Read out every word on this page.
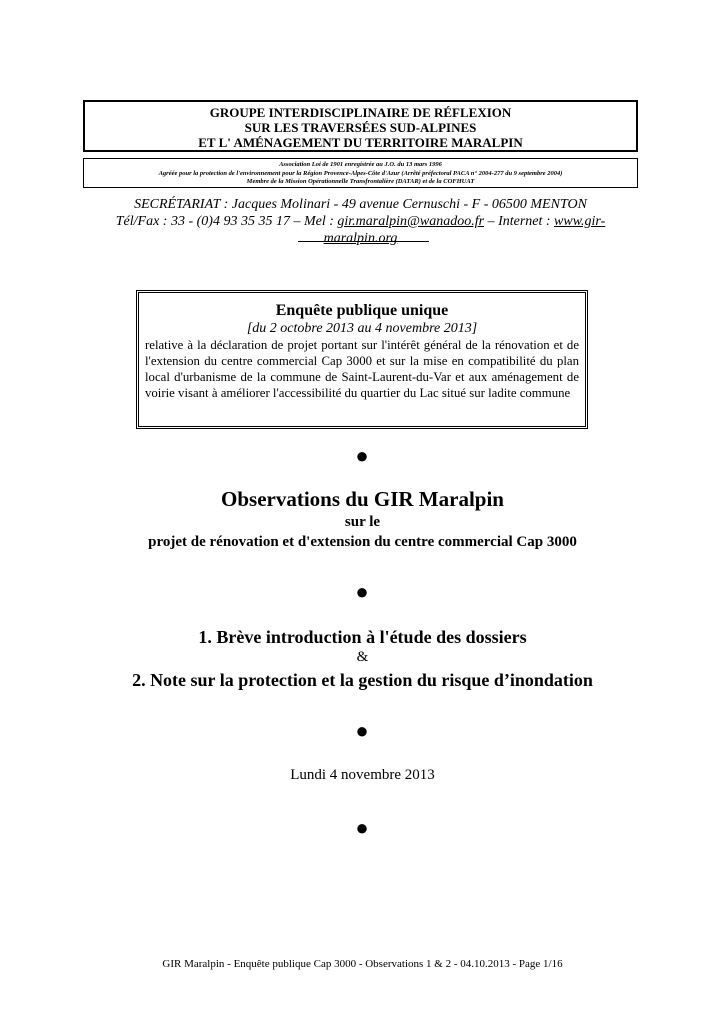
GROUPE INTERDISCIPLINAIRE DE RÉFLEXION
SUR LES TRAVERSÉES SUD-ALPINES
ET L' AMÉNAGEMENT DU TERRITOIRE MARALPIN
Association Loi de 1901 enregistrée au J.O. du 13 mars 1996
Agréée pour la protection de l'environnement pour la Région Provence-Alpes-Côte d'Azur (Arrêté préfectoral PACA n° 2004-277 du 9 septembre 2004)
Membre de la Mission Opérationnelle Transfrontalière (DATAR) et de la COFHUAT
SECRÉTARIAT : Jacques Molinari - 49 avenue Cernuschi - F - 06500 MENTON
Tél/Fax : 33 - (0)4 93 35 35 17 – Mel : gir.maralpin@wanadoo.fr – Internet : www.gir-maralpin.org
Enquête publique unique
[du 2 octobre 2013 au 4 novembre 2013]
relative à la déclaration de projet portant sur l'intérêt général de la rénovation et de l'extension du centre commercial Cap 3000 et sur la mise en compatibilité du plan local d'urbanisme de la commune de Saint-Laurent-du-Var et aux aménagement de voirie visant à améliorer l'accessibilité du quartier du Lac situé sur ladite commune
●
●
●
●
Observations du GIR Maralpin
sur le
projet de rénovation et d'extension du centre commercial Cap 3000
1. Brève introduction à l'étude des dossiers
&
2. Note sur la protection et la gestion du risque d’inondation
Lundi 4 novembre 2013
GIR Maralpin - Enquête publique Cap 3000 - Observations 1 & 2 - 04.10.2013 - Page 1/16
